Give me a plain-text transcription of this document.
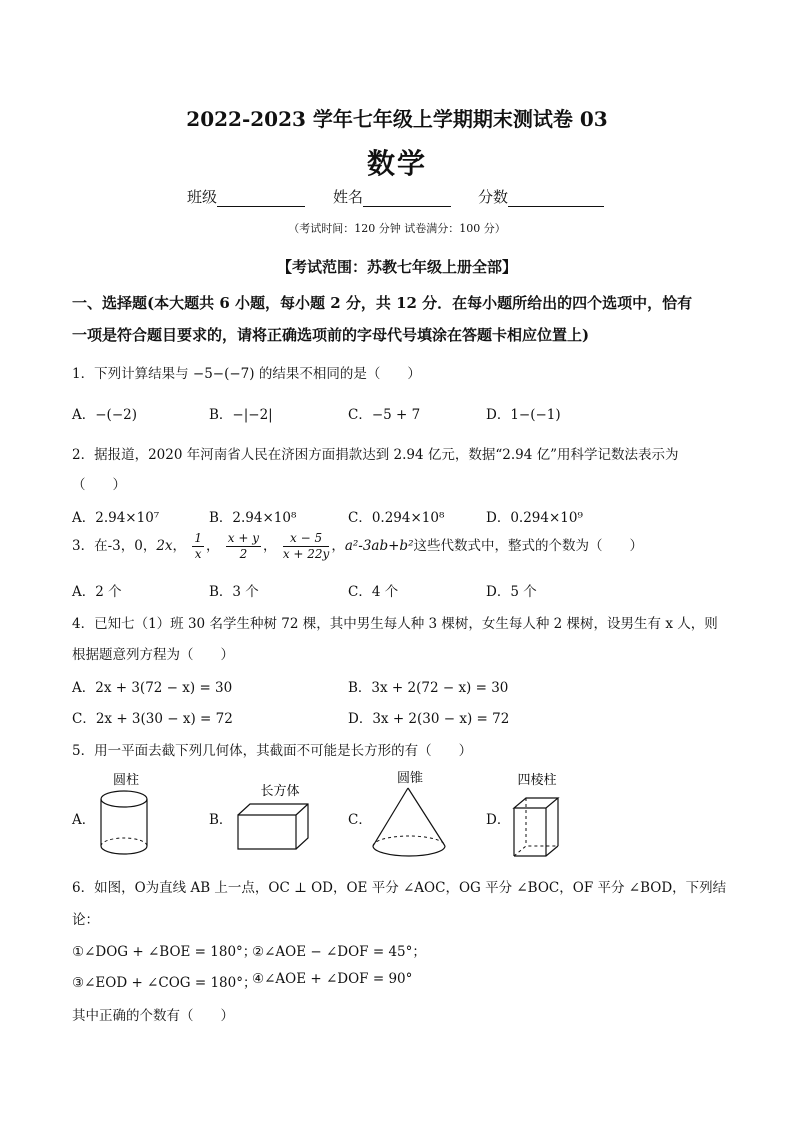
2022-2023 学年七年级上学期期末测试卷 03
数学
班级	姓名	分数
（考试时间：120 分钟 试卷满分：100 分）
【考试范围：苏教七年级上册全部】
一、选择题(本大题共 6 小题，每小题 2 分，共 12 分．在每小题所给出的四个选项中，恰有
一项是符合题目要求的，请将正确选项前的字母代号填涂在答题卡相应位置上)
1．下列计算结果与 −5−(−7) 的结果不相同的是（　　）
A．−(−2)	B．−|−2|	C．−5 + 7	D．1−(−1)
2．据报道，2020 年河南省人民在济困方面捐款达到 2.94 亿元，数据“2.94 亿”用科学记数法表示为
（　　）
A．2.94×10⁷	B．2.94×10⁸	C．0.294×10⁸	D．0.294×10⁹
3．在-3，0，2x， $\frac{1}{x}$ ， $\frac{x + y}{2}$ ， $\frac{x - 5}{x + 22y}$ ，a²-3ab+b²这些代数式中，整式的个数为（　　）
A．2 个	B．3 个	C．4 个	D．5 个
4．已知七（1）班 30 名学生种树 72 棵，其中男生每人种 3 棵树，女生每人种 2 棵树，设男生有 x 人，则
根据题意列方程为（　　）
A．2x + 3(72 − x) = 30	B．3x + 2(72 − x) = 30
C．2x + 3(30 − x) = 72	D．3x + 2(30 − x) = 72
5．用一平面去截下列几何体，其截面不可能是长方形的有（　　）
A．	B．	C．	D．
圆柱
长方体
圆锥	四棱柱
6．如图，O为直线 AB 上一点，OC ⊥ OD，OE 平分 ∠AOC，OG 平分 ∠BOC，OF 平分 ∠BOD，下列结
论：
①∠DOG + ∠BOE = 180°；
②∠AOE − ∠DOF = 45°；
③∠EOD + ∠COG = 180°；
④∠AOE + ∠DOF = 90°
其中正确的个数有（　　）
